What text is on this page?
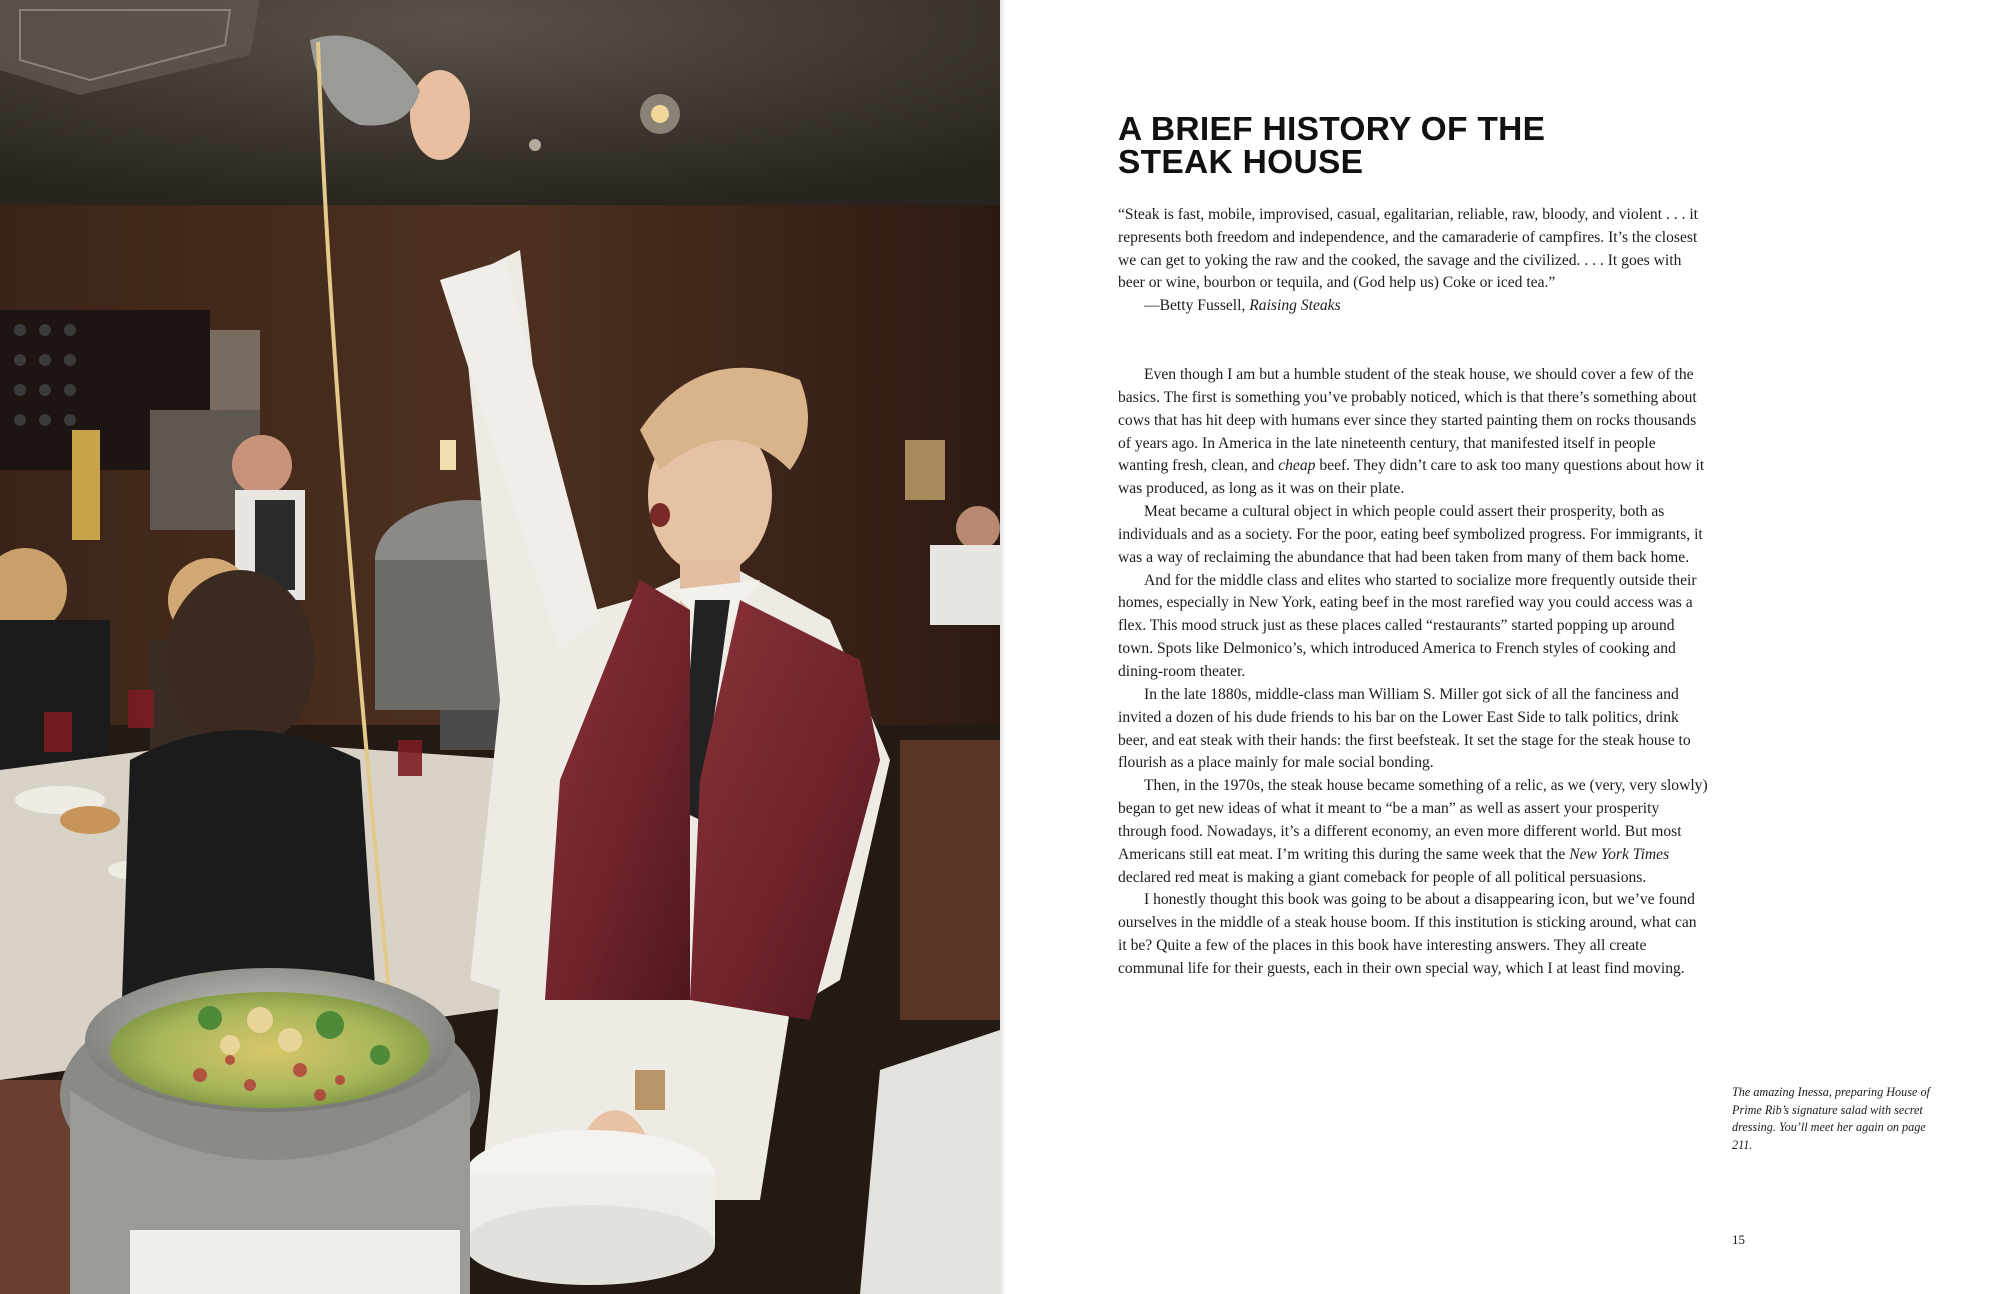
A BRIEF HISTORY OF THE
STEAK HOUSE

“Steak is fast, mobile, improvised, casual, egalitarian, reliable, raw, bloody, and violent . . . it represents both freedom and independence, and the camaraderie of campfires. It’s the closest we can get to yoking the raw and the cooked, the savage and the civilized. . . . It goes with beer or wine, bourbon or tequila, and (God help us) Coke or iced tea.”

—Betty Fussell, Raising Steaks

Even though I am but a humble student of the steak house, we should cover a few of the basics. The first is something you’ve probably noticed, which is that there’s something about cows that has hit deep with humans ever since they started painting them on rocks thousands of years ago. In America in the late nineteenth century, that manifested itself in people wanting fresh, clean, and cheap beef. They didn’t care to ask too many questions about how it was produced, as long as it was on their plate.

Meat became a cultural object in which people could assert their prosperity, both as individuals and as a society. For the poor, eating beef symbolized progress. For immigrants, it was a way of reclaiming the abundance that had been taken from many of them back home.

And for the middle class and elites who started to socialize more frequently outside their homes, especially in New York, eating beef in the most rarefied way you could access was a flex. This mood struck just as these places called “restaurants” started popping up around town. Spots like Delmonico’s, which introduced America to French styles of cooking and dining-room theater.

In the late 1880s, middle-class man William S. Miller got sick of all the fanciness and invited a dozen of his dude friends to his bar on the Lower East Side to talk politics, drink beer, and eat steak with their hands: the first beefsteak. It set the stage for the steak house to flourish as a place mainly for male social bonding.

Then, in the 1970s, the steak house became something of a relic, as we (very, very slowly) began to get new ideas of what it meant to “be a man” as well as assert your prosperity through food. Nowadays, it’s a different economy, an even more different world. But most Americans still eat meat. I’m writing this during the same week that the New York Times declared red meat is making a giant comeback for people of all political persuasions.

I honestly thought this book was going to be about a disappearing icon, but we’ve found ourselves in the middle of a steak house boom. If this institution is sticking around, what can it be? Quite a few of the places in this book have interesting answers. They all create communal life for their guests, each in their own special way, which I at least find moving.

The amazing Inessa, preparing House of Prime Rib’s signature salad with secret dressing. You’ll meet her again on page 211.

15
